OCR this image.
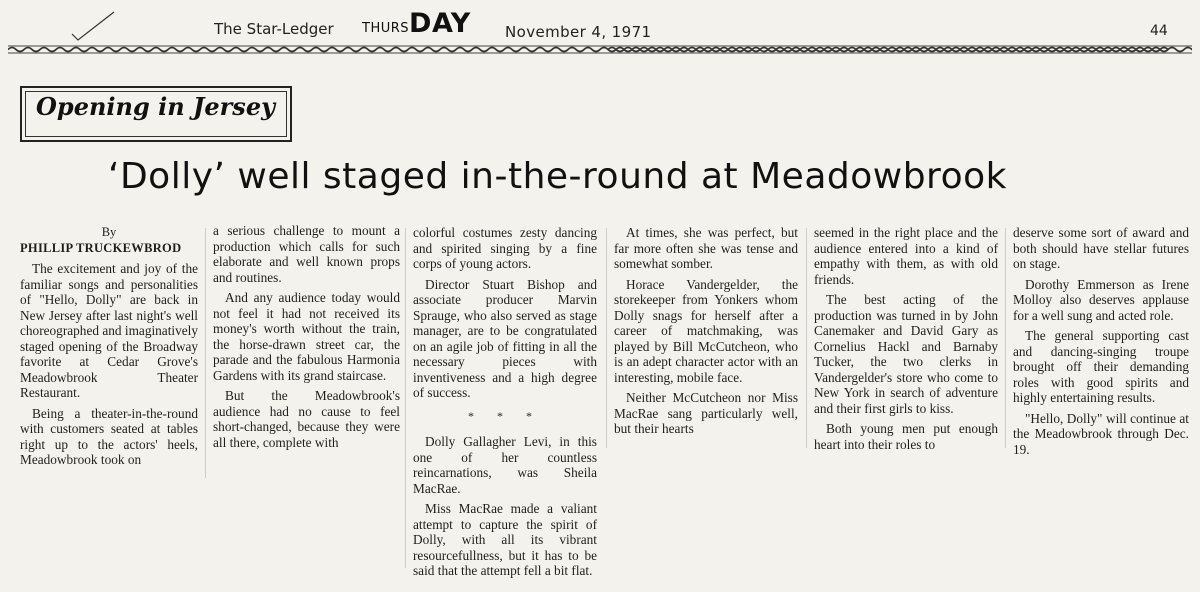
The Star-Ledger THURSDAY November 4, 1971	44
Opening in Jersey
‘Dolly’ well staged in-the-round at Meadowbrook

By

PHILLIP TRUCKEWBROD

The excitement and joy of the familiar songs and personalities of "Hello, Dolly" are back in New Jersey after last night's well choreographed and imaginatively staged opening of the Broadway favorite at Cedar Grove's Meadowbrook Theater Restaurant.

Being a theater-in-the-round with customers seated at tables right up to the actors' heels, Meadowbrook took on

a serious challenge to mount a production which calls for such elaborate and well known props and routines.

And any audience today would not feel it had not received its money's worth without the train, the horse-drawn street car, the parade and the fabulous Harmonia Gardens with its grand staircase.

But the Meadowbrook's audience had no cause to feel short-changed, because they were all there, complete with

colorful costumes zesty dancing and spirited singing by a fine corps of young actors.

Director Stuart Bishop and associate producer Marvin Sprauge, who also served as stage manager, are to be congratulated on an agile job of fitting in all the necessary pieces with inventiveness and a high degree of success.

* * *

Dolly Gallagher Levi, in this one of her countless reincarnations, was Sheila MacRae.

Miss MacRae made a valiant attempt to capture the spirit of Dolly, with all its vibrant resourcefullness, but it has to be said that the attempt fell a bit flat.

At times, she was perfect, but far more often she was tense and somewhat somber.

Horace Vandergelder, the storekeeper from Yonkers whom Dolly snags for herself after a career of matchmaking, was played by Bill McCutcheon, who is an adept character actor with an interesting, mobile face.

Neither McCutcheon nor Miss MacRae sang particularly well, but their hearts

seemed in the right place and the audience entered into a kind of empathy with them, as with old friends.

The best acting of the production was turned in by John Canemaker and David Gary as Cornelius Hackl and Barnaby Tucker, the two clerks in Vandergelder's store who come to New York in search of adventure and their first girls to kiss.

Both young men put enough heart into their roles to

deserve some sort of award and both should have stellar futures on stage.

Dorothy Emmerson as Irene Molloy also deserves applause for a well sung and acted role.

The general supporting cast and dancing-singing troupe brought off their demanding roles with good spirits and highly entertaining results.

"Hello, Dolly" will continue at the Meadowbrook through Dec. 19.
